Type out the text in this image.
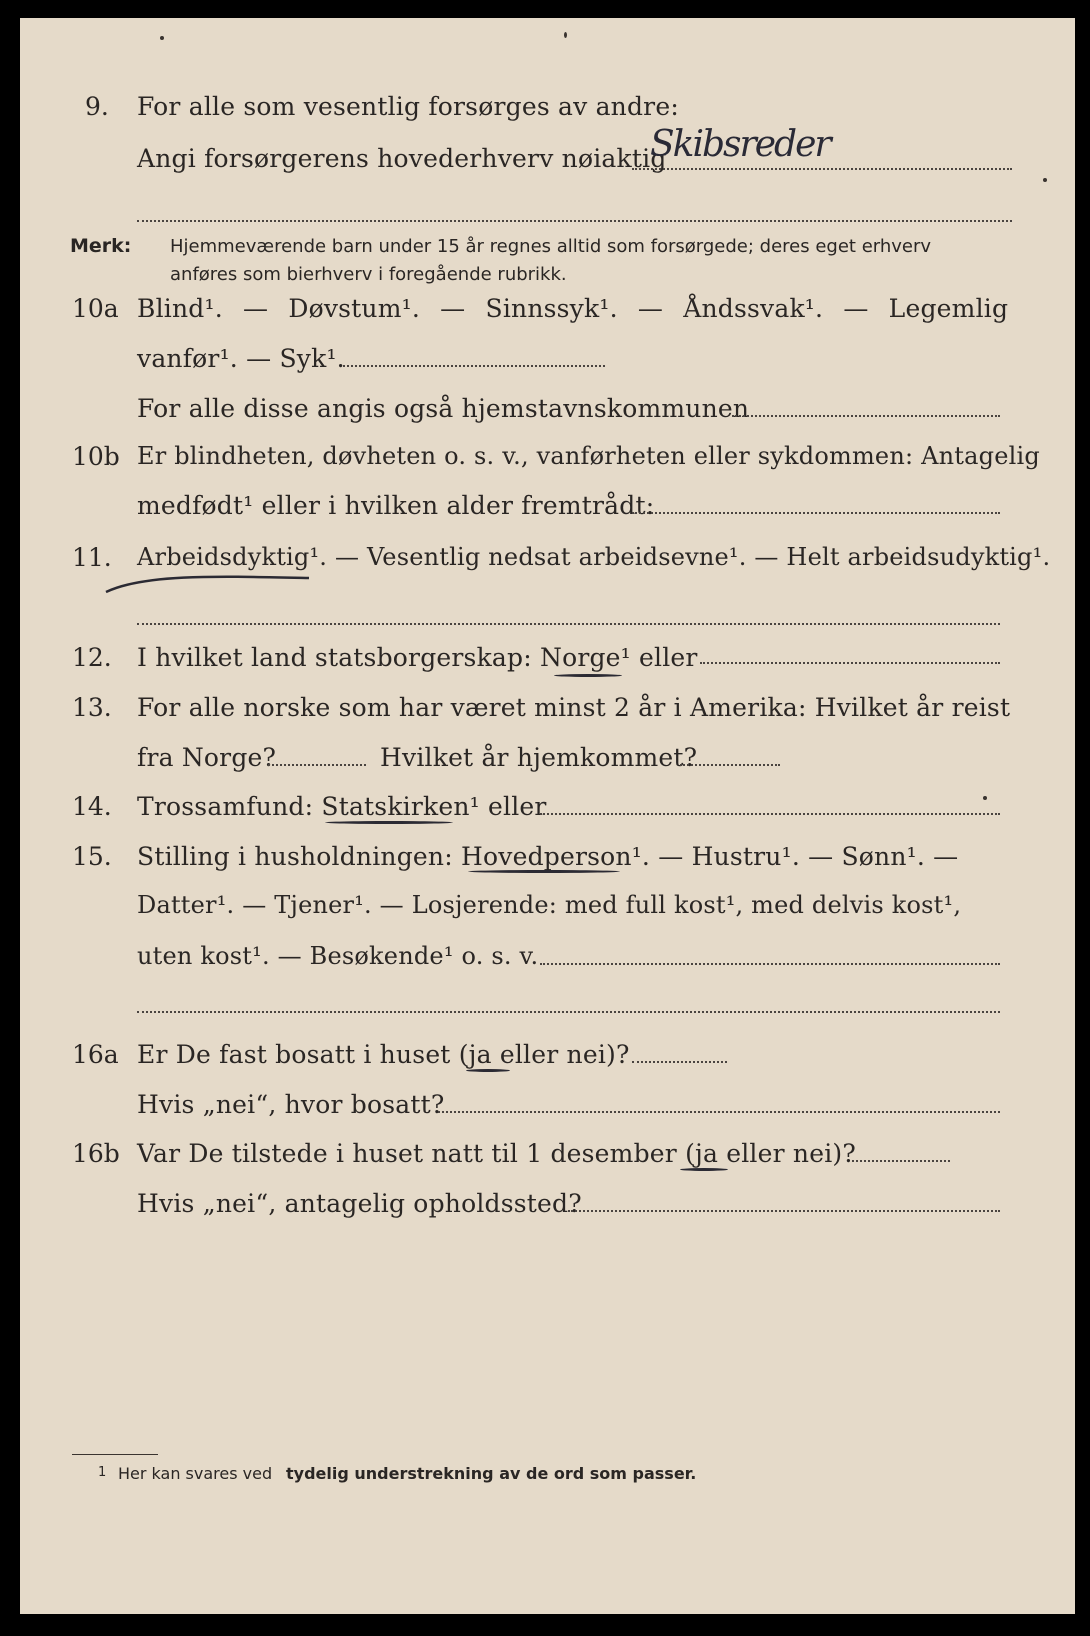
9. For alle som vesentlig forsørges av andre:
Angi forsørgerens hovederhverv nøiaktig
Skibsreder
Merk: Hjemmeværende barn under 15 år regnes alltid som forsørgede; deres eget erhverv
anføres som bierhverv i foregående rubrikk.
10a Blind¹. — Døvstum¹. — Sinnssyk¹. — Åndssvak¹. — Legemlig
vanfør¹. — Syk¹.
For alle disse angis også hjemstavnskommunen
10b Er blindheten, døvheten o. s. v., vanførheten eller sykdommen: Antagelig
medfødt¹ eller i hvilken alder fremtrådt:
11. Arbeidsdyktig¹. — Vesentlig nedsat arbeidsevne¹. — Helt arbeidsudyktig¹.
12. I hvilket land statsborgerskap: Norge¹ eller
13. For alle norske som har været minst 2 år i Amerika: Hvilket år reist
fra Norge?	Hvilket år hjemkommet?
14. Trossamfund: Statskirken¹ eller
15. Stilling i husholdningen: Hovedperson¹. — Hustru¹. — Sønn¹. —
Datter¹. — Tjener¹. — Losjerende: med full kost¹, med delvis kost¹,
uten kost¹. — Besøkende¹ o. s. v.
16a Er De fast bosatt i huset (ja eller nei)?
Hvis „nei“, hvor bosatt?
16b Var De tilstede i huset natt til 1 desember (ja eller nei)?
Hvis „nei“, antagelig opholdssted?
1 Her kan svares ved tydelig understrekning av de ord som passer.
